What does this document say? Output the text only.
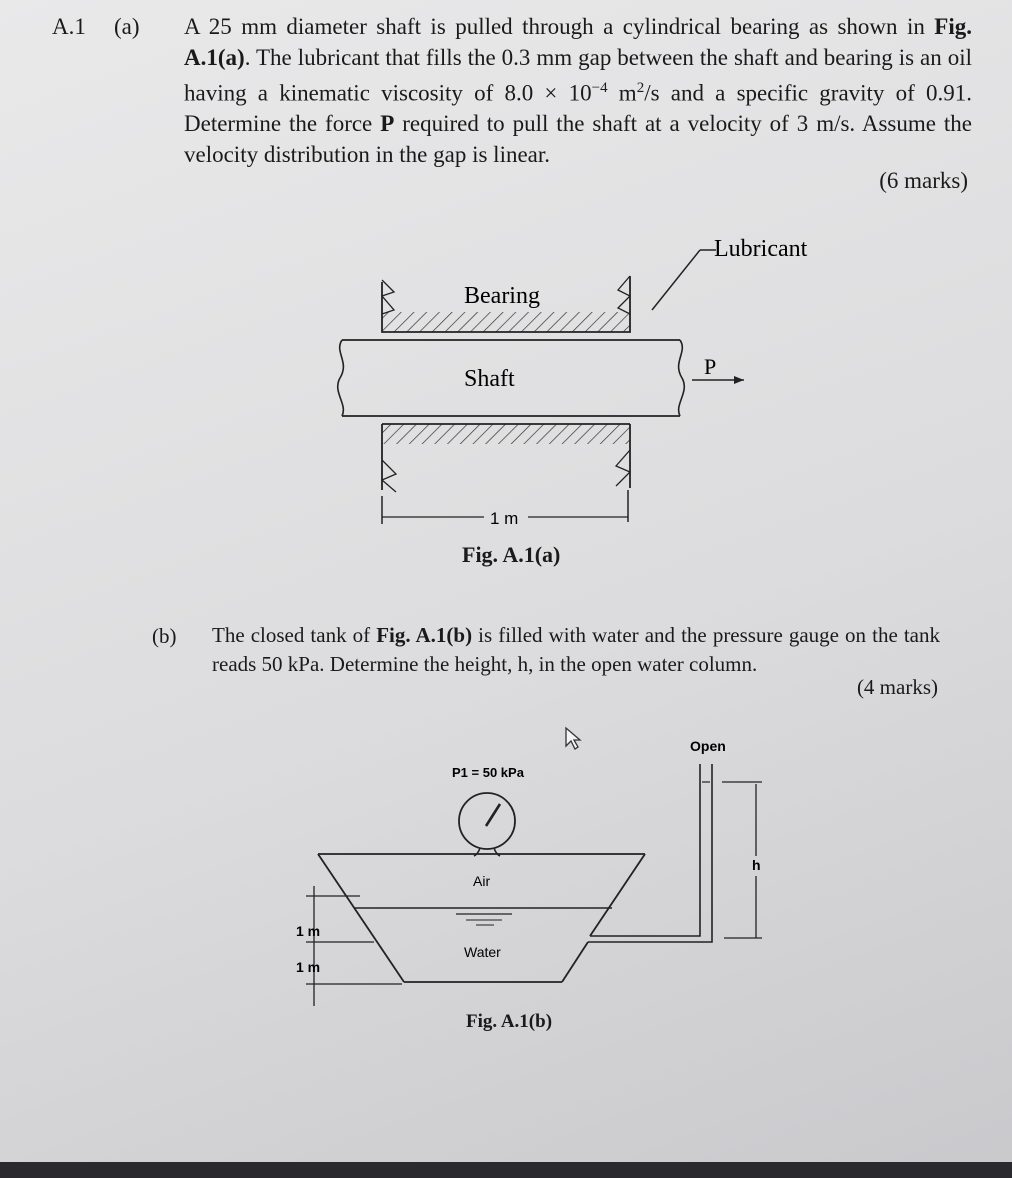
A.1 (a) A 25 mm diameter shaft is pulled through a cylindrical bearing as shown in Fig. A.1(a). The lubricant that fills the 0.3 mm gap between the shaft and bearing is an oil having a kinematic viscosity of $8.0 \times 10^{-4}$ $m^2/s$ and a specific gravity of 0.91. Determine the force P required to pull the shaft at a velocity of 3 m/s. Assume the velocity distribution in the gap is linear.
(6 marks)
Bearing
Shaft
Lubricant
P
1 m
Fig. A.1(a)
(b) The closed tank of Fig. A.1(b) is filled with water and the pressure gauge on the tank reads 50 kPa. Determine the height, h, in the open water column.
(4 marks)
P1 = 50 kPa
Open
Air
Water
h
1 m
1 m
Fig. A.1(b)
